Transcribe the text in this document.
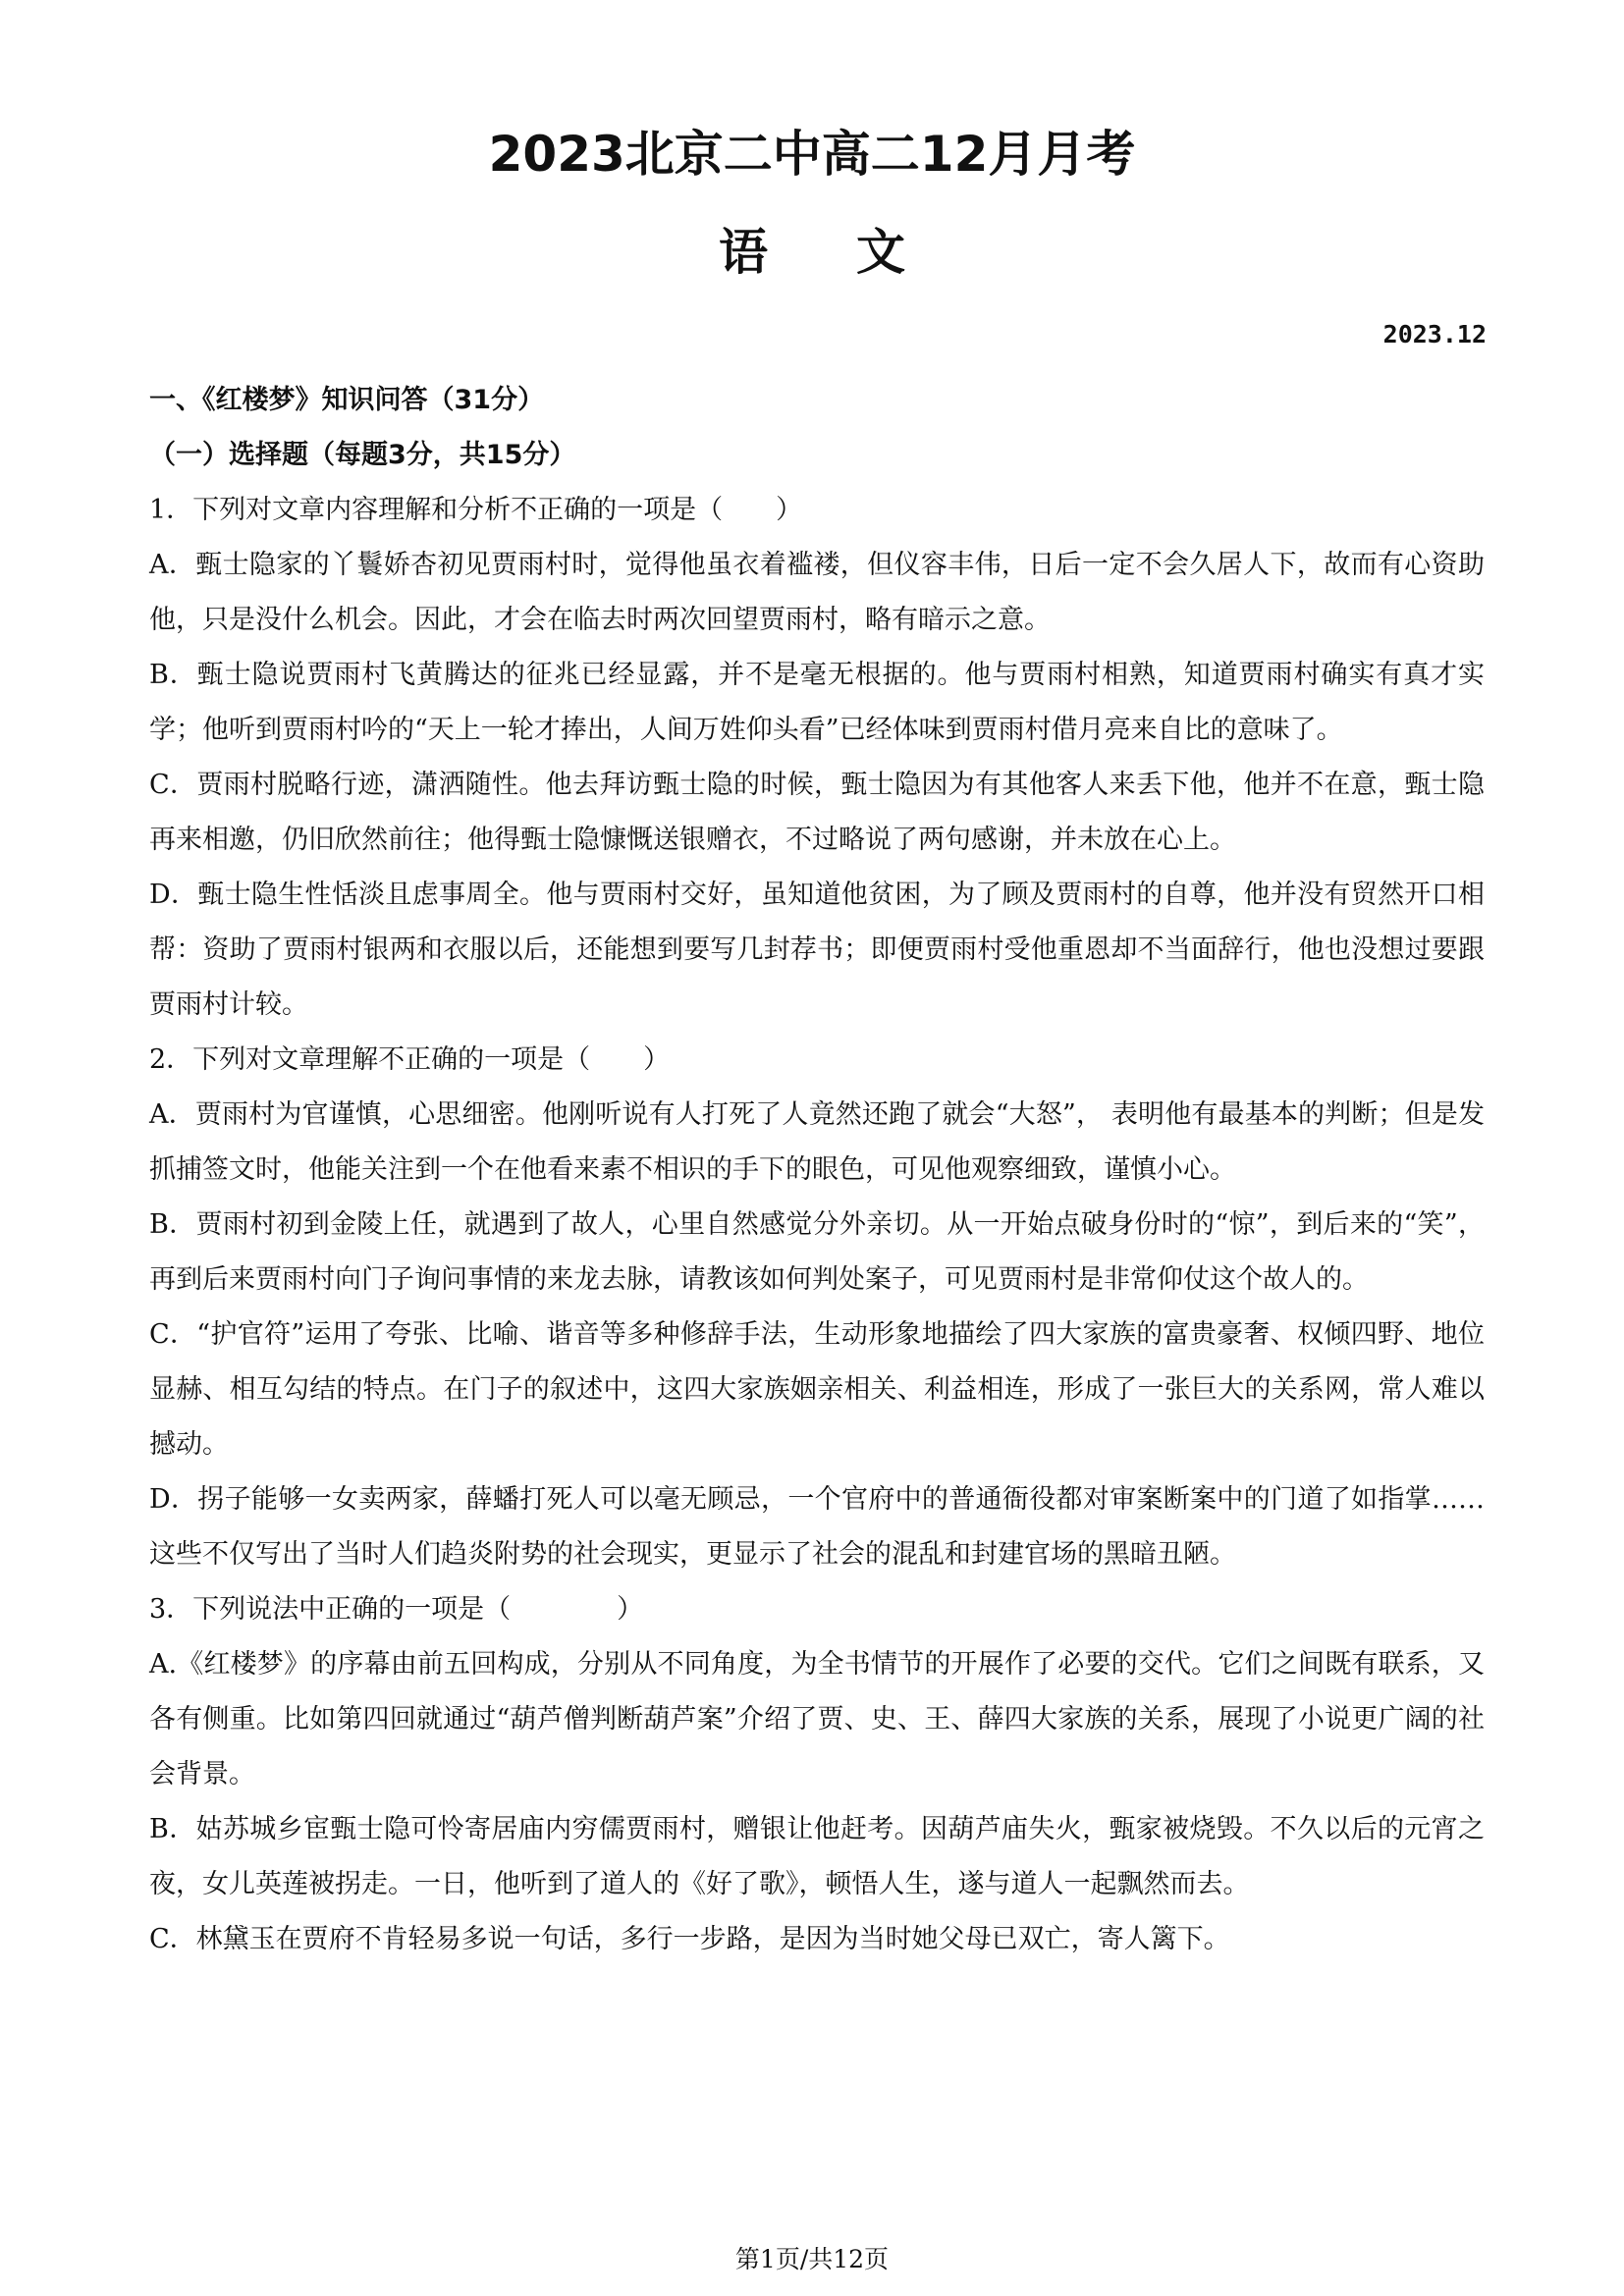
2023北京二中高二12月月考
语文
2023.12

一、《红楼梦》知识问答（31分）

（一）选择题（每题3分，共15分）

1．下列对文章内容理解和分析不正确的一项是（　　）

A．甄士隐家的丫鬟娇杏初见贾雨村时，觉得他虽衣着褴褛，但仪容丰伟，日后一定不会久居人下，故而有心资助他，只是没什么机会。因此，才会在临去时两次回望贾雨村，略有暗示之意。

B．甄士隐说贾雨村飞黄腾达的征兆已经显露，并不是毫无根据的。他与贾雨村相熟，知道贾雨村确实有真才实学；他听到贾雨村吟的“天上一轮才捧出，人间万姓仰头看”已经体味到贾雨村借月亮来自比的意味了。

C．贾雨村脱略行迹，潇洒随性。他去拜访甄士隐的时候，甄士隐因为有其他客人来丢下他，他并不在意，甄士隐再来相邀，仍旧欣然前往；他得甄士隐慷慨送银赠衣，不过略说了两句感谢，并未放在心上。

D．甄士隐生性恬淡且虑事周全。他与贾雨村交好，虽知道他贫困，为了顾及贾雨村的自尊，他并没有贸然开口相帮：资助了贾雨村银两和衣服以后，还能想到要写几封荐书；即便贾雨村受他重恩却不当面辞行，他也没想过要跟贾雨村计较。

2．下列对文章理解不正确的一项是（　　）

A．贾雨村为官谨慎，心思细密。他刚听说有人打死了人竟然还跑了就会“大怒”， 表明他有最基本的判断；但是发抓捕签文时，他能关注到一个在他看来素不相识的手下的眼色，可见他观察细致，谨慎小心。

B．贾雨村初到金陵上任，就遇到了故人，心里自然感觉分外亲切。从一开始点破身份时的“惊”，到后来的“笑”，再到后来贾雨村向门子询问事情的来龙去脉，请教该如何判处案子，可见贾雨村是非常仰仗这个故人的。

C．“护官符”运用了夸张、比喻、谐音等多种修辞手法，生动形象地描绘了四大家族的富贵豪奢、权倾四野、地位显赫、相互勾结的特点。在门子的叙述中，这四大家族姻亲相关、利益相连，形成了一张巨大的关系网，常人难以撼动。

D．拐子能够一女卖两家，薛蟠打死人可以毫无顾忌，一个官府中的普通衙役都对审案断案中的门道了如指掌……这些不仅写出了当时人们趋炎附势的社会现实，更显示了社会的混乱和封建官场的黑暗丑陋。

3．下列说法中正确的一项是（　　　　）

A.《红楼梦》的序幕由前五回构成，分别从不同角度，为全书情节的开展作了必要的交代。它们之间既有联系，又各有侧重。比如第四回就通过“葫芦僧判断葫芦案”介绍了贾、史、王、薛四大家族的关系，展现了小说更广阔的社会背景。

B．姑苏城乡宦甄士隐可怜寄居庙内穷儒贾雨村，赠银让他赶考。因葫芦庙失火，甄家被烧毁。不久以后的元宵之夜，女儿英莲被拐走。一日，他听到了道人的《好了歌》，顿悟人生，遂与道人一起飘然而去。

C．林黛玉在贾府不肯轻易多说一句话，多行一步路，是因为当时她父母已双亡，寄人篱下。

第1页/共12页
